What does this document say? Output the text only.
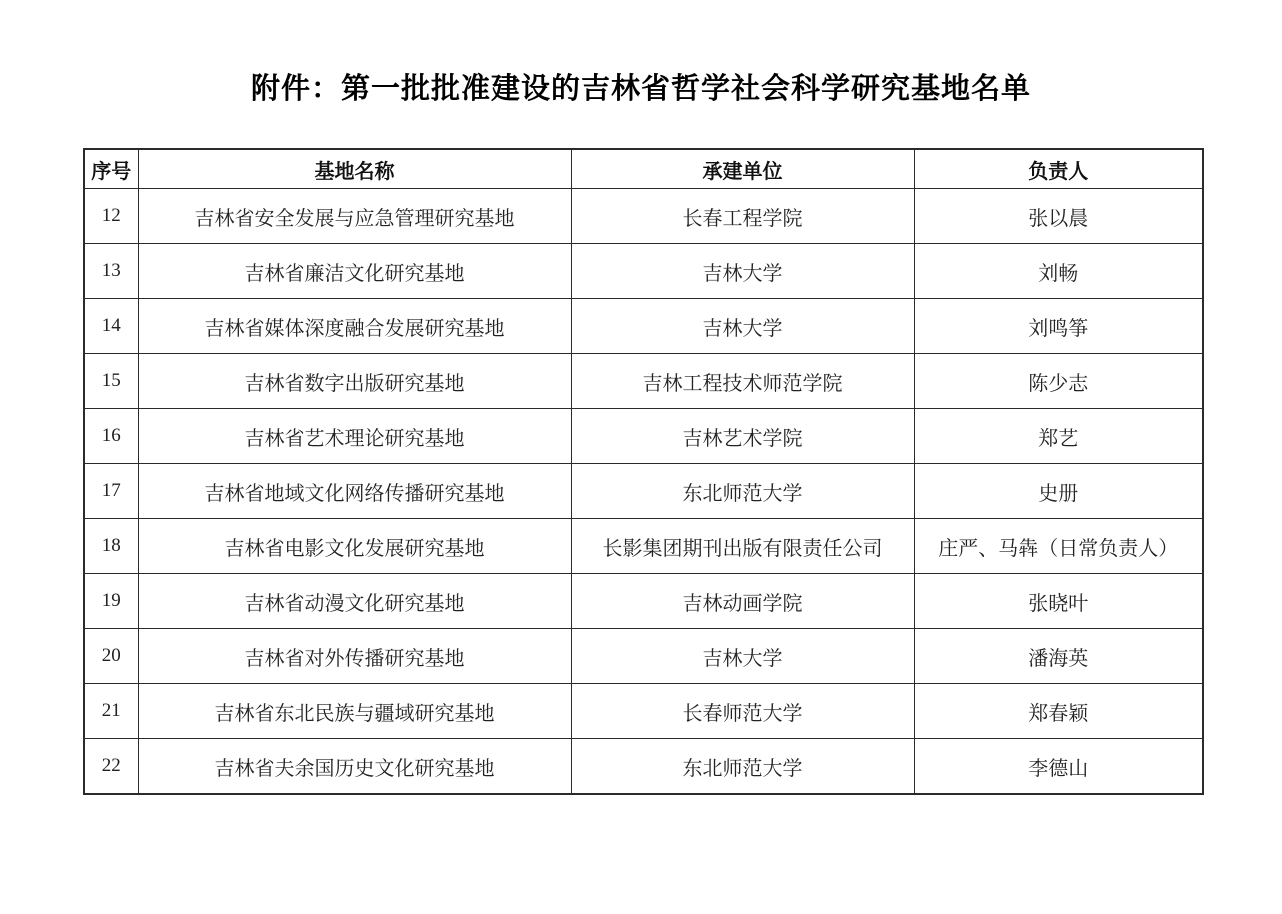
附件：第一批批准建设的吉林省哲学社会科学研究基地名单
序号	基地名称	承建单位	负责人
12	吉林省安全发展与应急管理研究基地	长春工程学院	张以晨
13	吉林省廉洁文化研究基地	吉林大学	刘畅
14	吉林省媒体深度融合发展研究基地	吉林大学	刘鸣筝
15	吉林省数字出版研究基地	吉林工程技术师范学院	陈少志
16	吉林省艺术理论研究基地	吉林艺术学院	郑艺
17	吉林省地域文化网络传播研究基地	东北师范大学	史册
18	吉林省电影文化发展研究基地	长影集团期刊出版有限责任公司	庄严、马犇（日常负责人）
19	吉林省动漫文化研究基地	吉林动画学院	张晓叶
20	吉林省对外传播研究基地	吉林大学	潘海英
21	吉林省东北民族与疆域研究基地	长春师范大学	郑春颖
22	吉林省夫余国历史文化研究基地	东北师范大学	李德山
